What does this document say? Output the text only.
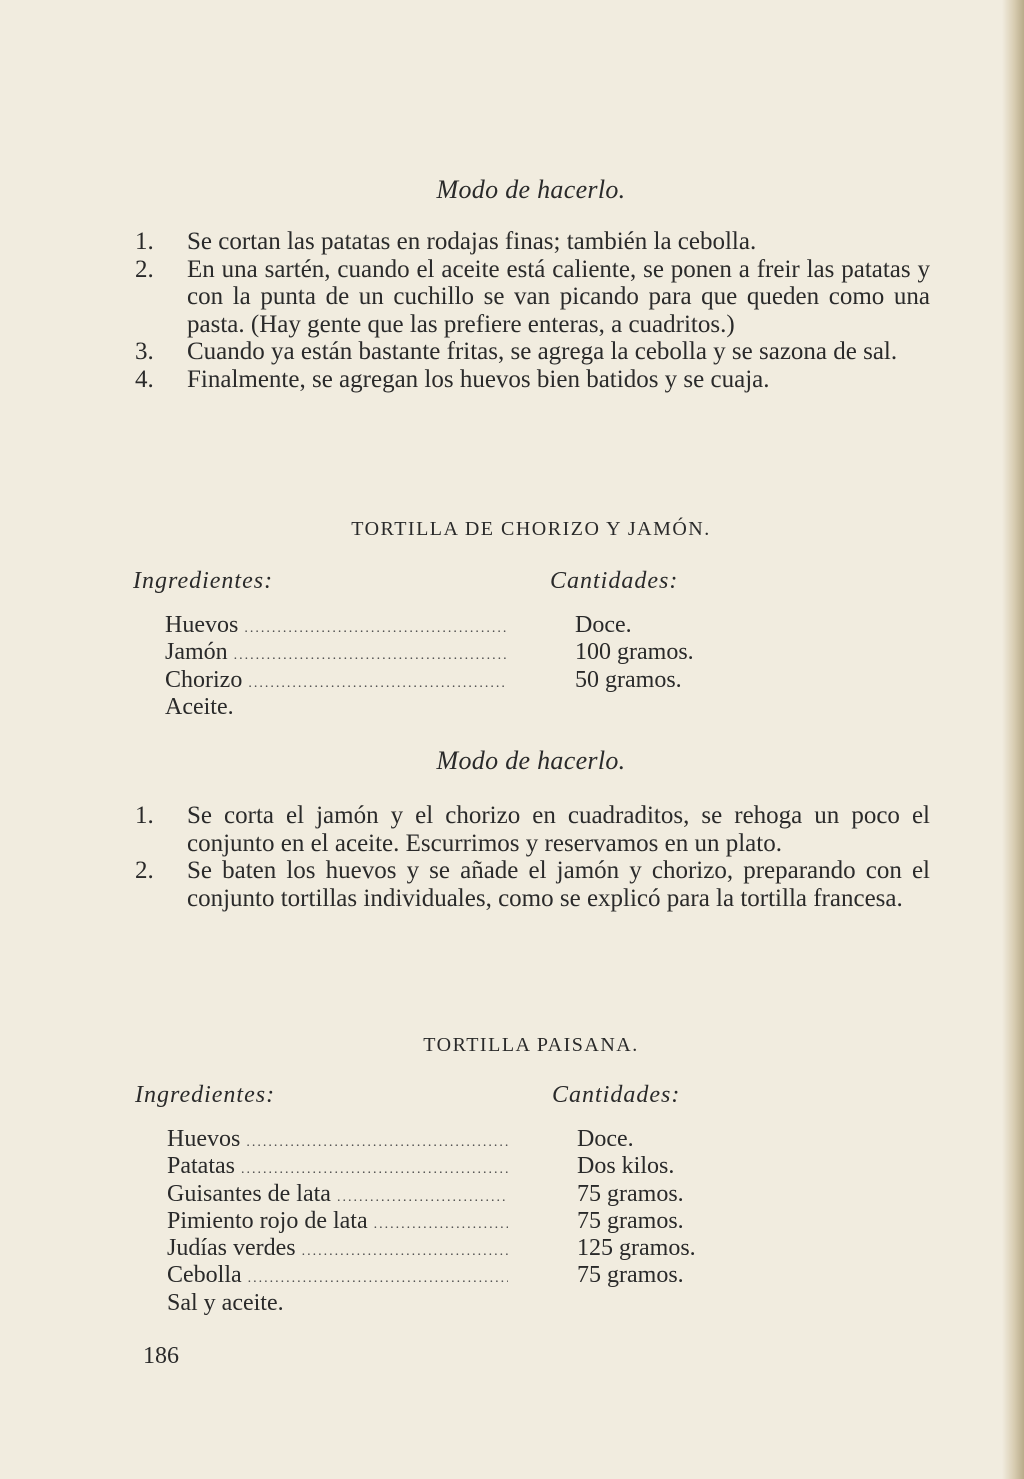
Modo de hacerlo.
1.	Se cortan las patatas en rodajas finas; también la cebolla.
2.	En una sartén, cuando el aceite está caliente, se ponen a freir las patatas y con la punta de un cuchillo se van picando para que queden como una pasta. (Hay gente que las prefiere enteras, a cuadritos.)
3.	Cuando ya están bastante fritas, se agrega la cebolla y se sazona de sal.
4.	Finalmente, se agregan los huevos bien batidos y se cuaja.
TORTILLA DE CHORIZO Y JAMÓN.
Ingredientes:	Cantidades:
Huevos .....	Doce.
Jamón .....	100 gramos.
Chorizo .....	50 gramos.
Aceite.
Modo de hacerlo.
1.	Se corta el jamón y el chorizo en cuadraditos, se rehoga un poco el conjunto en el aceite. Escurrimos y reservamos en un plato.
2.	Se baten los huevos y se añade el jamón y chorizo, preparando con el conjunto tortillas individuales, como se explicó para la tortilla francesa.
TORTILLA PAISANA.
Ingredientes:	Cantidades:
Huevos .....	Doce.
Patatas .....	Dos kilos.
Guisantes de lata .....	75 gramos.
Pimiento rojo de lata .....	75 gramos.
Judías verdes .....	125 gramos.
Cebolla .....	75 gramos.
Sal y aceite.
186
